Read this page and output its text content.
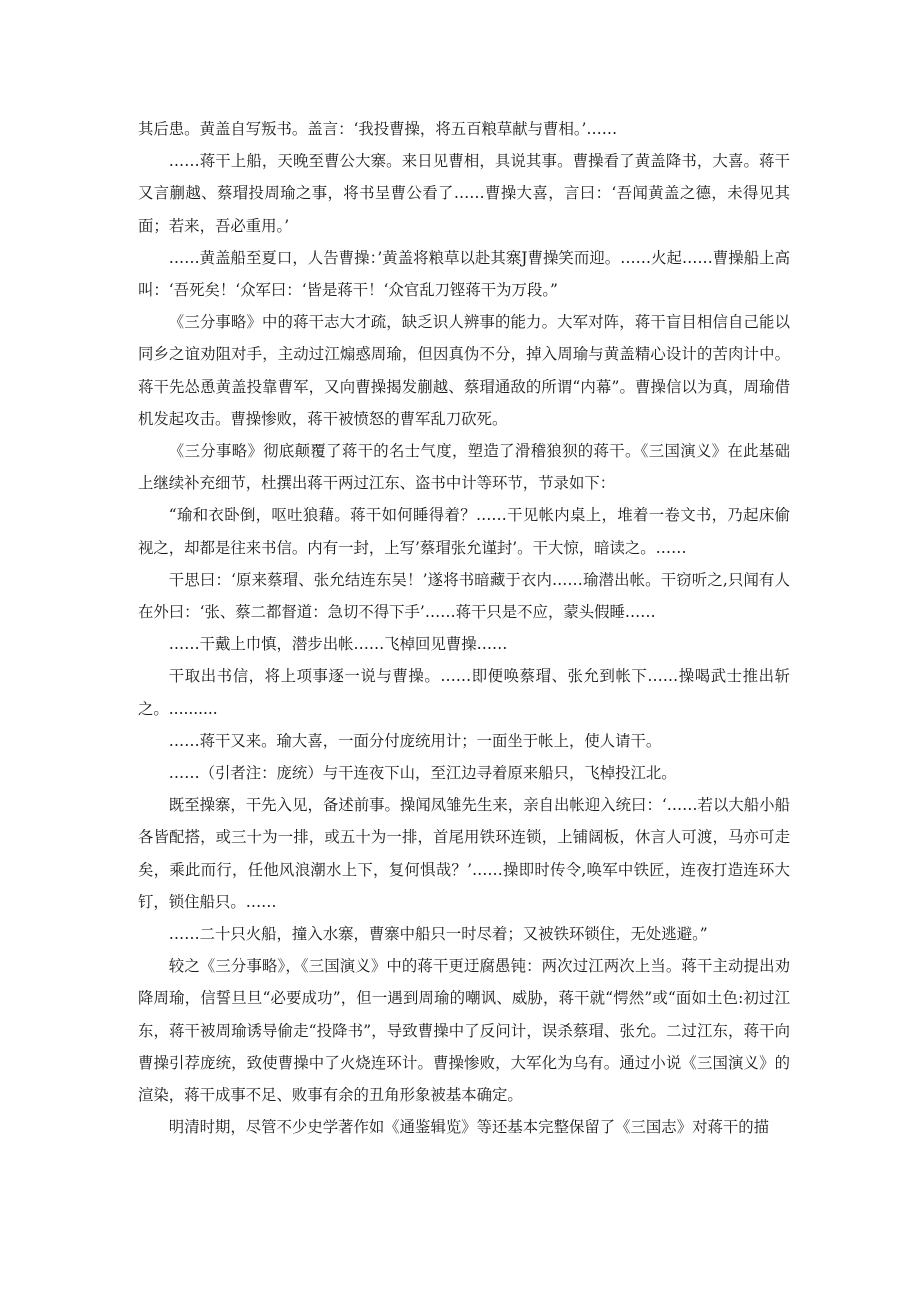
其后患。黄盖自写叛书。盖言：‘我投曹操，将五百粮草献与曹相。’……

……蒋干上船，天晚至曹公大寨。来日见曹相，具说其事。曹操看了黄盖降书，大喜。蒋干又言蒯越、蔡瑁投周瑜之事，将书呈曹公看了……曹操大喜，言曰：‘吾闻黄盖之德，未得见其面；若来，吾必重用。’

……黄盖船至夏口，人告曹操：’黄盖将粮草以赴其寨J曹操笑而迎。……火起……曹操船上高叫：‘吾死矣！‘众军曰：‘皆是蒋干！‘众官乱刀铿蒋干为万段。”

《三分事略》中的蒋干志大才疏，缺乏识人辨事的能力。大军对阵，蒋干盲目相信自己能以同乡之谊劝阻对手，主动过江煽惑周瑜，但因真伪不分，掉入周瑜与黄盖精心设计的苦肉计中。蒋干先怂恿黄盖投靠曹军，又向曹操揭发蒯越、蔡瑁通敌的所谓“内幕”。曹操信以为真，周瑜借机发起攻击。曹操惨败，蒋干被愤怒的曹军乱刀砍死。

《三分事略》彻底颠覆了蒋干的名士气度，塑造了滑稽狼狈的蒋干。《三国演义》在此基础上继续补充细节，杜撰出蒋干两过江东、盗书中计等环节，节录如下：

“瑜和衣卧倒，呕吐狼藉。蒋干如何睡得着？……干见帐内桌上，堆着一卷文书，乃起床偷视之，却都是往来书信。内有一封，上写’蔡瑁张允谨封’。干大惊，暗读之。……

干思曰：‘原来蔡瑁、张允结连东吴！’遂将书暗藏于衣内……瑜潜出帐。干窃听之,只闻有人在外曰：‘张、蔡二都督道：急切不得下手’……蒋干只是不应，蒙头假睡……

……干戴上巾慎，潜步出帐……飞棹回见曹操……

干取出书信，将上项事逐一说与曹操。……即便唤蔡瑁、张允到帐下……操喝武士推出斩之。..........

……蒋干又来。瑜大喜，一面分付庞统用计；一面坐于帐上，使人请干。

……（引者注：庞统）与干连夜下山，至江边寻着原来船只，飞棹投江北。

既至操寨，干先入见，备述前事。操闻凤雏先生来，亲自出帐迎入统曰：‘……若以大船小船各皆配搭，或三十为一排，或五十为一排，首尾用铁环连锁，上铺阔板，休言人可渡，马亦可走矣，乘此而行，任他风浪潮水上下，复何惧哉？’……操即时传令,唤军中铁匠，连夜打造连环大钉，锁住船只。……

……二十只火船，撞入水寨，曹寨中船只一时尽着；又被铁环锁住，无处逃避。”

较之《三分事略》，《三国演义》中的蒋干更迂腐愚钝：两次过江两次上当。蒋干主动提出劝降周瑜，信誓旦旦“必要成功”，但一遇到周瑜的嘲讽、威胁，蒋干就“愕然”或“面如土色:初过江东，蒋干被周瑜诱导偷走“投降书”，导致曹操中了反问计，误杀蔡瑁、张允。二过江东，蒋干向曹操引荐庞统，致使曹操中了火烧连环计。曹操惨败，大军化为乌有。通过小说《三国演义》的渲染，蒋干成事不足、败事有余的丑角形象被基本确定。

明清时期，尽管不少史学著作如《通鉴辑览》等还基本完整保留了《三国志》对蒋干的描
